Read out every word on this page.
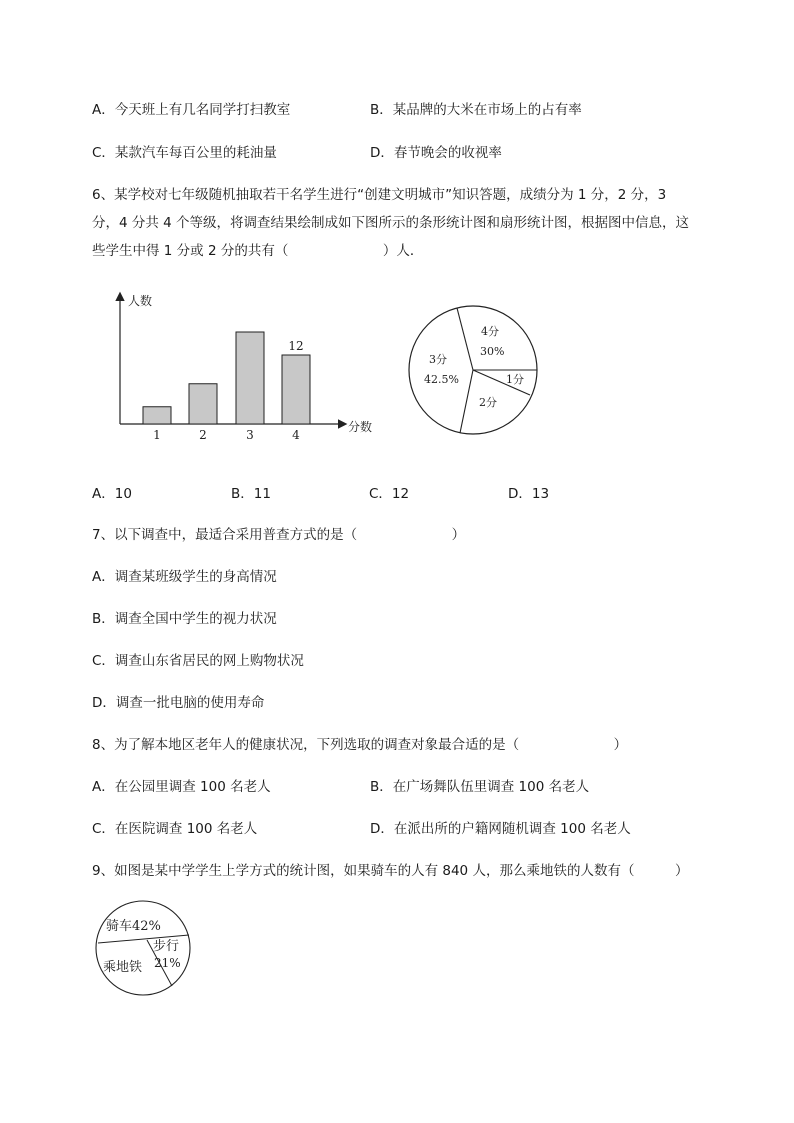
A．今天班上有几名同学打扫教室	B．某品牌的大米在市场上的占有率
C．某款汽车每百公里的耗油量	D．春节晚会的收视率
6、某学校对七年级随机抽取若干名学生进行“创建文明城市”知识答题，成绩分为 1 分，2 分，3
分，4 分共 4 个等级，将调查结果绘制成如下图所示的条形统计图和扇形统计图，根据图中信息，这
些学生中得 1 分或 2 分的共有（　　　　　　　）人．
人数
分数
1	2	3	4
12
4分
30%
1分
2分
3分
42.5%
A．10	B．11	C．12	D．13
7、以下调查中，最适合采用普查方式的是（　　　　　　　）
A．调查某班级学生的身高情况
B．调查全国中学生的视力状况
C．调查山东省居民的网上购物状况
D．调查一批电脑的使用寿命
8、为了解本地区老年人的健康状况，下列选取的调查对象最合适的是（　　　　　　　）
A．在公园里调查 100 名老人	B．在广场舞队伍里调查 100 名老人
C．在医院调查 100 名老人	D．在派出所的户籍网随机调查 100 名老人
9、如图是某中学学生上学方式的统计图，如果骑车的人有 840 人，那么乘地铁的人数有（　　　）
骑车42%
步行
21%
乘地铁
